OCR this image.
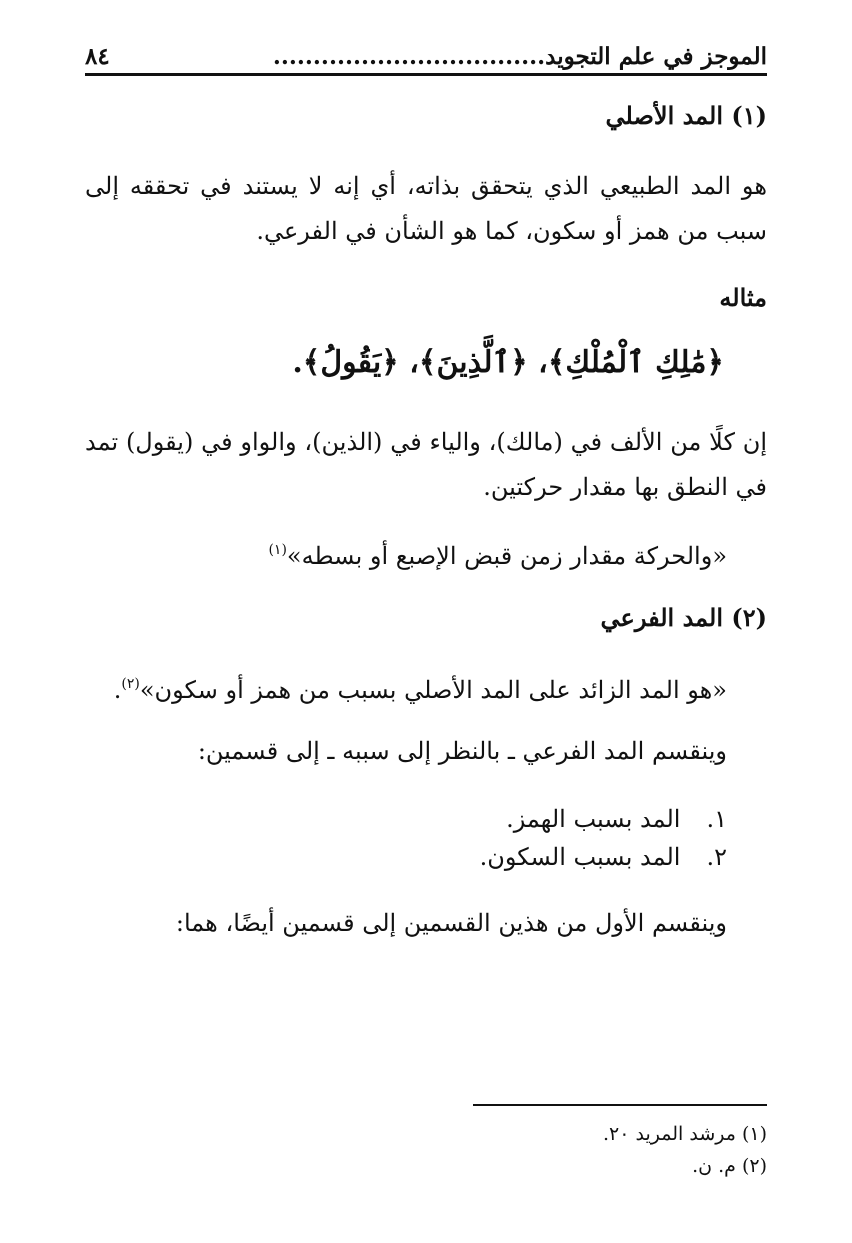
الموجز في علم التجويد..................................
٨٤
(١) المد الأصلي
هو المد الطبيعي الذي يتحقق بذاته، أي إنه لا يستند في تحققه إلى سبب من همز أو سكون، كما هو الشأن في الفرعي.
مثاله
﴿مَٰلِكِ ٱلْمُلْكِ﴾، ﴿ٱلَّذِينَ﴾، ﴿يَقُولُ﴾.
إن كلًا من الألف في (مالك)، والياء في (الذين)، والواو في (يقول) تمد في النطق بها مقدار حركتين.
«والحركة مقدار زمن قبض الإصبع أو بسطه»$^{(١)}$
(٢) المد الفرعي
«هو المد الزائد على المد الأصلي بسبب من همز أو سكون»$^{(٢)}$.
وينقسم المد الفرعي ـ بالنظر إلى سببه ـ إلى قسمين:
١.
المد بسبب الهمز.
٢.
المد بسبب السكون.
وينقسم الأول من هذين القسمين إلى قسمين أيضًا، هما:
(١) مرشد المريد ٢٠.
(٢) م. ن.
